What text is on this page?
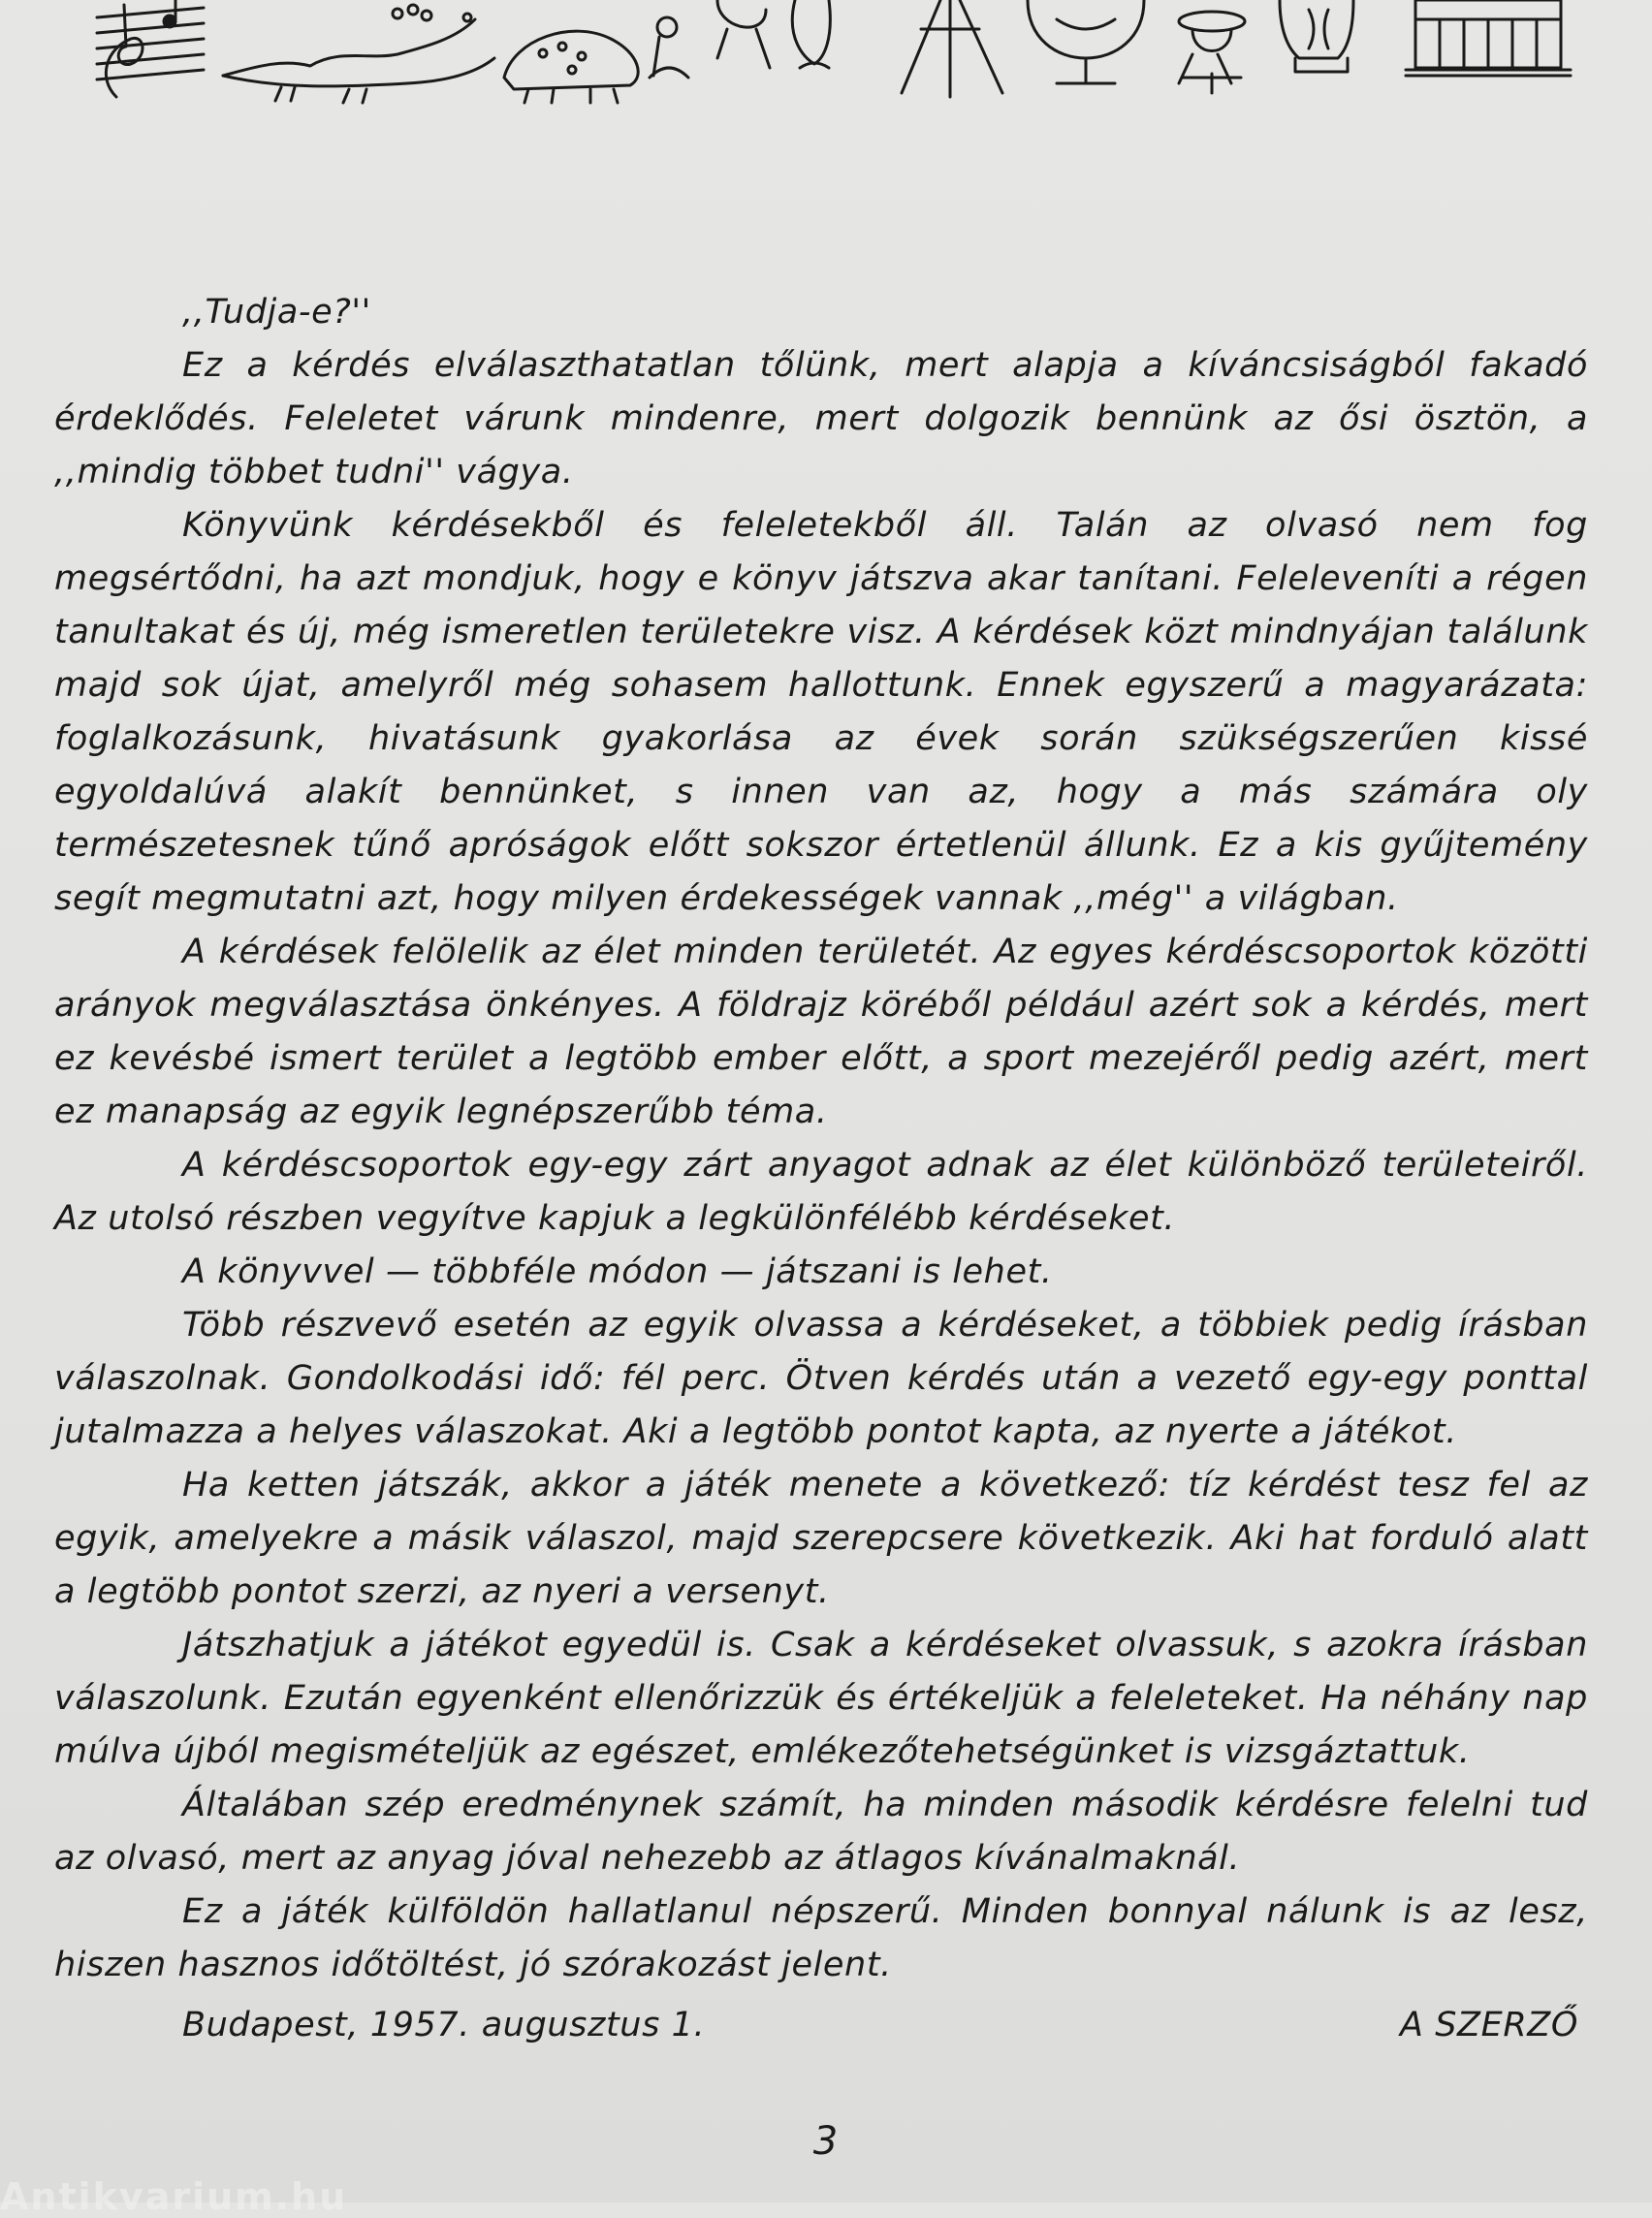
,,Tudja-e?''

Ez a kérdés elválaszthatatlan tőlünk, mert alapja a kíváncsiságból fakadó érdeklődés. Feleletet várunk mindenre, mert dolgozik bennünk az ősi ösztön, a ,,mindig többet tudni'' vágya.

Könyvünk kérdésekből és feleletekből áll. Talán az olvasó nem fog megsértődni, ha azt mondjuk, hogy e könyv játszva akar tanítani. Feleleveníti a régen tanultakat és új, még ismeretlen területekre visz. A kérdések közt mindnyájan találunk majd sok újat, amelyről még sohasem hallottunk. Ennek egyszerű a magyarázata: foglalkozásunk, hivatásunk gyakorlása az évek során szükségszerűen kissé egyoldalúvá alakít bennünket, s innen van az, hogy a más számára oly természetesnek tűnő apróságok előtt sokszor értetlenül állunk. Ez a kis gyűjtemény segít megmutatni azt, hogy milyen érdekességek vannak ,,még'' a világban.

A kérdések felölelik az élet minden területét. Az egyes kérdéscsoportok közötti arányok megválasztása önkényes. A földrajz köréből például azért sok a kérdés, mert ez kevésbé ismert terület a legtöbb ember előtt, a sport mezejéről pedig azért, mert ez manapság az egyik legnépszerűbb téma.

A kérdéscsoportok egy-egy zárt anyagot adnak az élet különböző területeiről. Az utolsó részben vegyítve kapjuk a legkülönfélébb kérdéseket.

A könyvvel — többféle módon — játszani is lehet.

Több részvevő esetén az egyik olvassa a kérdéseket, a többiek pedig írásban válaszolnak. Gondolkodási idő: fél perc. Ötven kérdés után a vezető egy-egy ponttal jutalmazza a helyes válaszokat. Aki a legtöbb pontot kapta, az nyerte a játékot.

Ha ketten játszák, akkor a játék menete a következő: tíz kérdést tesz fel az egyik, amelyekre a másik válaszol, majd szerepcsere következik. Aki hat forduló alatt a legtöbb pontot szerzi, az nyeri a versenyt.

Játszhatjuk a játékot egyedül is. Csak a kérdéseket olvassuk, s azokra írásban válaszolunk. Ezután egyenként ellenőrizzük és értékeljük a feleleteket. Ha néhány nap múlva újból megismételjük az egészet, emlékezőtehetségünket is vizsgáztattuk.

Általában szép eredménynek számít, ha minden második kérdésre felelni tud az olvasó, mert az anyag jóval nehezebb az átlagos kívánalmaknál.

Ez a játék külföldön hallatlanul népszerű. Minden bonnyal nálunk is az lesz, hiszen hasznos időtöltést, jó szórakozást jelent.

Budapest, 1957. augusztus 1.	A SZERZŐ
3
Antikvarium.hu
